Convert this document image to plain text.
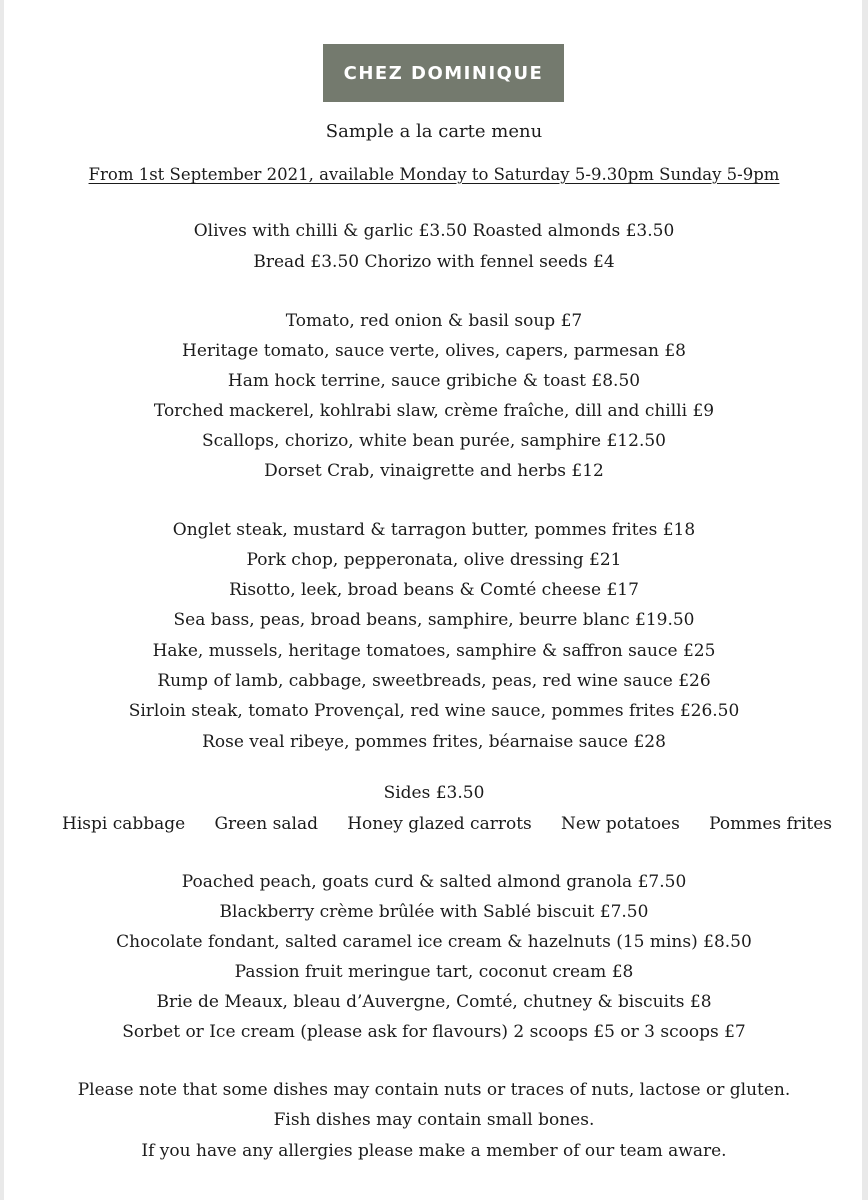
CHEZ DOMINIQUE
Sample a la carte menu
From 1st September 2021, available Monday to Saturday 5-9.30pm Sunday 5-9pm
Olives with chilli & garlic £3.50 Roasted almonds £3.50
Bread £3.50 Chorizo with fennel seeds £4
Tomato, red onion & basil soup £7
Heritage tomato, sauce verte, olives, capers, parmesan £8
Ham hock terrine, sauce gribiche & toast £8.50
Torched mackerel, kohlrabi slaw, crème fraîche, dill and chilli £9
Scallops, chorizo, white bean purée, samphire £12.50
Dorset Crab, vinaigrette and herbs £12
Onglet steak, mustard & tarragon butter, pommes frites £18
Pork chop, pepperonata, olive dressing £21
Risotto, leek, broad beans & Comté cheese £17
Sea bass, peas, broad beans, samphire, beurre blanc £19.50
Hake, mussels, heritage tomatoes, samphire & saffron sauce £25
Rump of lamb, cabbage, sweetbreads, peas, red wine sauce £26
Sirloin steak, tomato Provençal, red wine sauce, pommes frites £26.50
Rose veal ribeye, pommes frites, béarnaise sauce £28
Sides £3.50
Hispi cabbage Green salad Honey glazed carrots New potatoes Pommes frites
Poached peach, goats curd & salted almond granola £7.50
Blackberry crème brûlée with Sablé biscuit £7.50
Chocolate fondant, salted caramel ice cream & hazelnuts (15 mins) £8.50
Passion fruit meringue tart, coconut cream £8
Brie de Meaux, bleau d’Auvergne, Comté, chutney & biscuits £8
Sorbet or Ice cream (please ask for flavours) 2 scoops £5 or 3 scoops £7
Please note that some dishes may contain nuts or traces of nuts, lactose or gluten.
Fish dishes may contain small bones.
If you have any allergies please make a member of our team aware.
